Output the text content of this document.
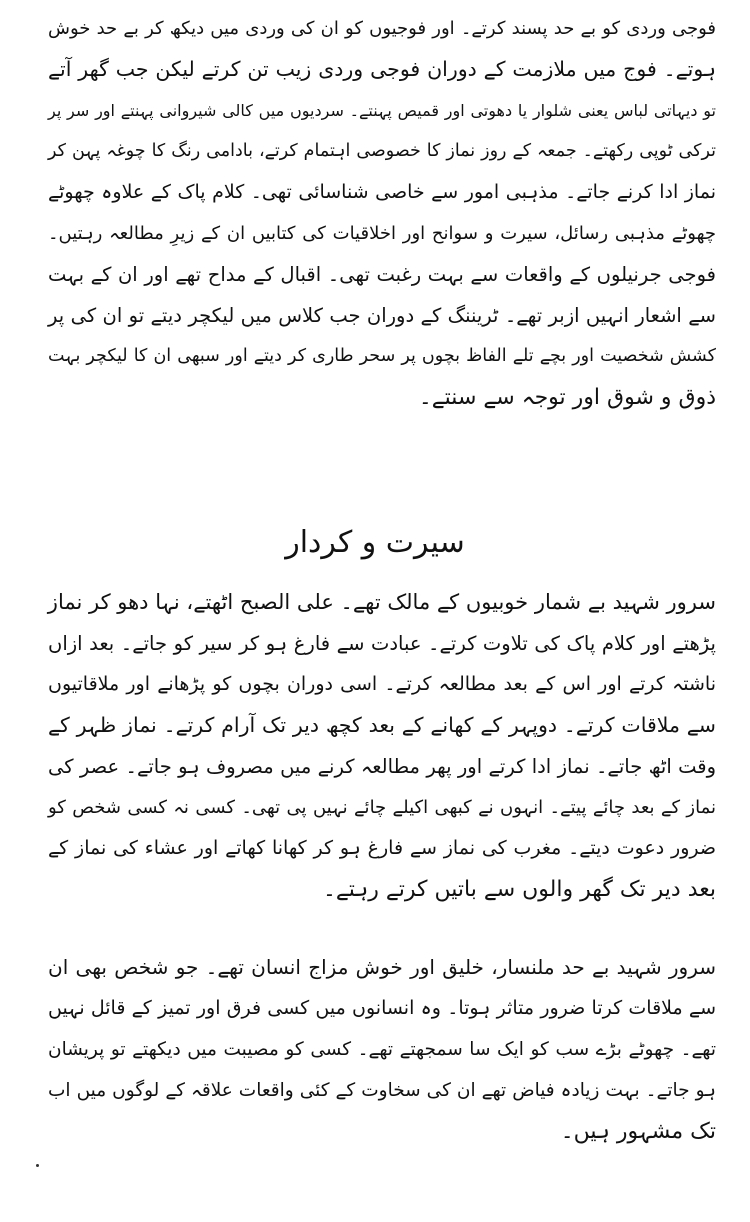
فوجی وردی کو بے حد پسند کرتے۔ اور فوجیوں کو ان کی وردی میں دیکھ کر بے حد خوش
ہوتے۔ فوج میں ملازمت کے دوران فوجی وردی زیب تن کرتے لیکن جب گھر آتے
تو دیہاتی لباس یعنی شلوار یا دھوتی اور قمیص پہنتے۔ سردیوں میں کالی شیروانی پہنتے اور سر پر
ترکی ٹوپی رکھتے۔ جمعہ کے روز نماز کا خصوصی اہتمام کرتے، بادامی رنگ کا چوغہ پہن کر
نماز ادا کرنے جاتے۔ مذہبی امور سے خاصی شناسائی تھی۔ کلام پاک کے علاوہ چھوٹے
چھوٹے مذہبی رسائل، سیرت و سوانح اور اخلاقیات کی کتابیں ان کے زیرِ مطالعہ رہتیں۔
فوجی جرنیلوں کے واقعات سے بہت رغبت تھی۔ اقبال کے مداح تھے اور ان کے بہت
سے اشعار انہیں ازبر تھے۔ ٹریننگ کے دوران جب کلاس میں لیکچر دیتے تو ان کی پر
کشش شخصیت اور بچے تلے الفاظ بچوں پر سحر طاری کر دیتے اور سبھی ان کا لیکچر بہت
ذوق و شوق اور توجہ سے سنتے۔
سیرت و کردار
سرور شہید بے شمار خوبیوں کے مالک تھے۔ علی الصبح اٹھتے، نہا دھو کر نماز
پڑھتے اور کلام پاک کی تلاوت کرتے۔ عبادت سے فارغ ہو کر سیر کو جاتے۔ بعد ازاں
ناشتہ کرتے اور اس کے بعد مطالعہ کرتے۔ اسی دوران بچوں کو پڑھانے اور ملاقاتیوں
سے ملاقات کرتے۔ دوپہر کے کھانے کے بعد کچھ دیر تک آرام کرتے۔ نماز ظہر کے
وقت اٹھ جاتے۔ نماز ادا کرتے اور پھر مطالعہ کرنے میں مصروف ہو جاتے۔ عصر کی
نماز کے بعد چائے پیتے۔ انہوں نے کبھی اکیلے چائے نہیں پی تھی۔ کسی نہ کسی شخص کو
ضرور دعوت دیتے۔ مغرب کی نماز سے فارغ ہو کر کھانا کھاتے اور عشاء کی نماز کے
بعد دیر تک گھر والوں سے باتیں کرتے رہتے۔
سرور شہید بے حد ملنسار، خلیق اور خوش مزاج انسان تھے۔ جو شخص بھی ان
سے ملاقات کرتا ضرور متاثر ہوتا۔ وہ انسانوں میں کسی فرق اور تمیز کے قائل نہیں
تھے۔ چھوٹے بڑے سب کو ایک سا سمجھتے تھے۔ کسی کو مصیبت میں دیکھتے تو پریشان
ہو جاتے۔ بہت زیادہ فیاض تھے ان کی سخاوت کے کئی واقعات علاقہ کے لوگوں میں اب
تک مشہور ہیں۔
